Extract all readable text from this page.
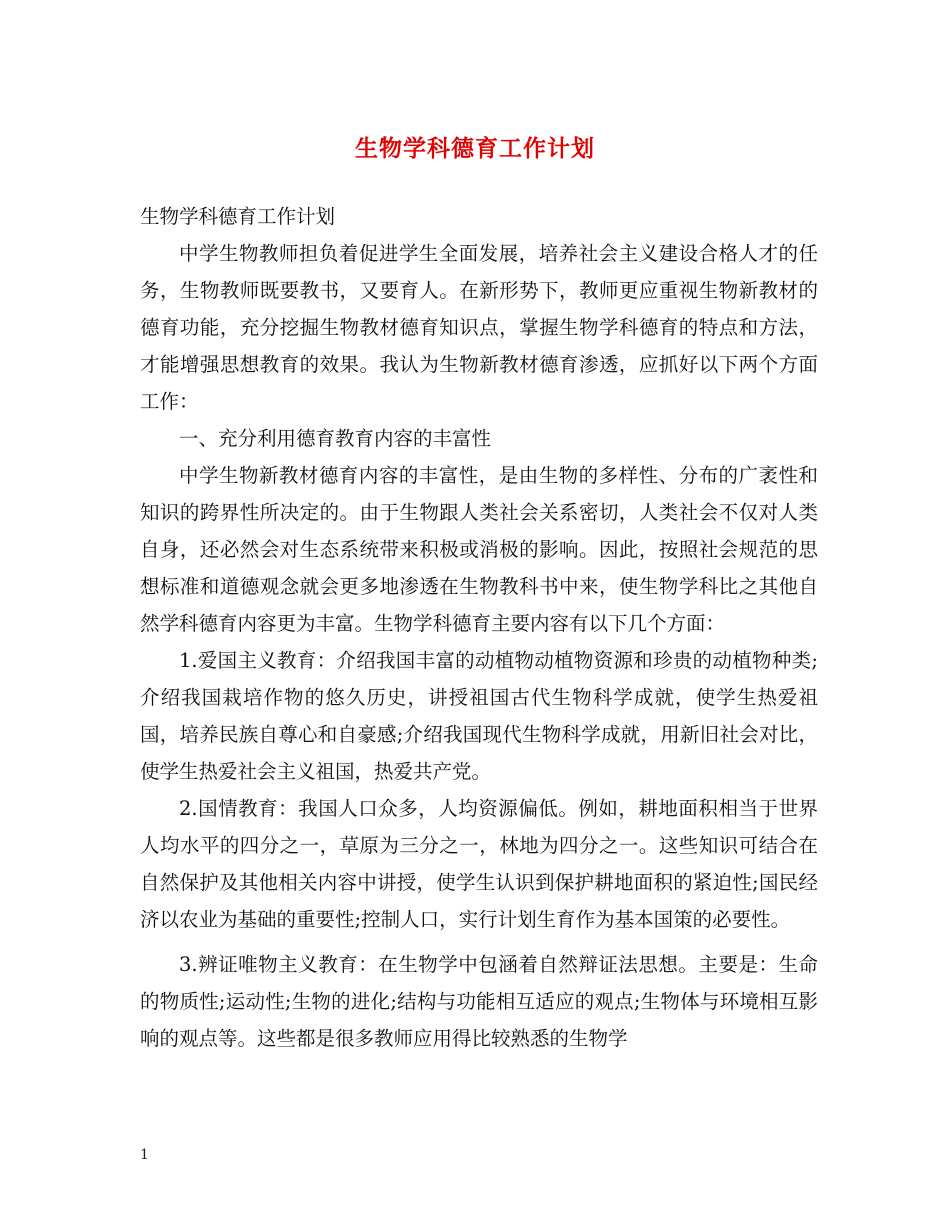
生物学科德育工作计划

生物学科德育工作计划

中学生物教师担负着促进学生全面发展，培养社会主义建设合格人才的任务，生物教师既要教书，又要育人。在新形势下，教师更应重视生物新教材的德育功能，充分挖掘生物教材德育知识点，掌握生物学科德育的特点和方法，才能增强思想教育的效果。我认为生物新教材德育渗透，应抓好以下两个方面工作：

一、充分利用德育教育内容的丰富性

中学生物新教材德育内容的丰富性，是由生物的多样性、分布的广袤性和知识的跨界性所决定的。由于生物跟人类社会关系密切，人类社会不仅对人类自身，还必然会对生态系统带来积极或消极的影响。因此，按照社会规范的思想标准和道德观念就会更多地渗透在生物教科书中来，使生物学科比之其他自然学科德育内容更为丰富。生物学科德育主要内容有以下几个方面：

1.爱国主义教育：介绍我国丰富的动植物动植物资源和珍贵的动植物种类;介绍我国栽培作物的悠久历史，讲授祖国古代生物科学成就，使学生热爱祖国，培养民族自尊心和自豪感;介绍我国现代生物科学成就，用新旧社会对比，使学生热爱社会主义祖国，热爱共产党。

2.国情教育：我国人口众多，人均资源偏低。例如，耕地面积相当于世界人均水平的四分之一，草原为三分之一，林地为四分之一。这些知识可结合在自然保护及其他相关内容中讲授，使学生认识到保护耕地面积的紧迫性;国民经济以农业为基础的重要性;控制人口，实行计划生育作为基本国策的必要性。

3.辨证唯物主义教育：在生物学中包涵着自然辩证法思想。主要是：生命的物质性;运动性;生物的进化;结构与功能相互适应的观点;生物体与环境相互影响的观点等。这些都是很多教师应用得比较熟悉的生物学

1
